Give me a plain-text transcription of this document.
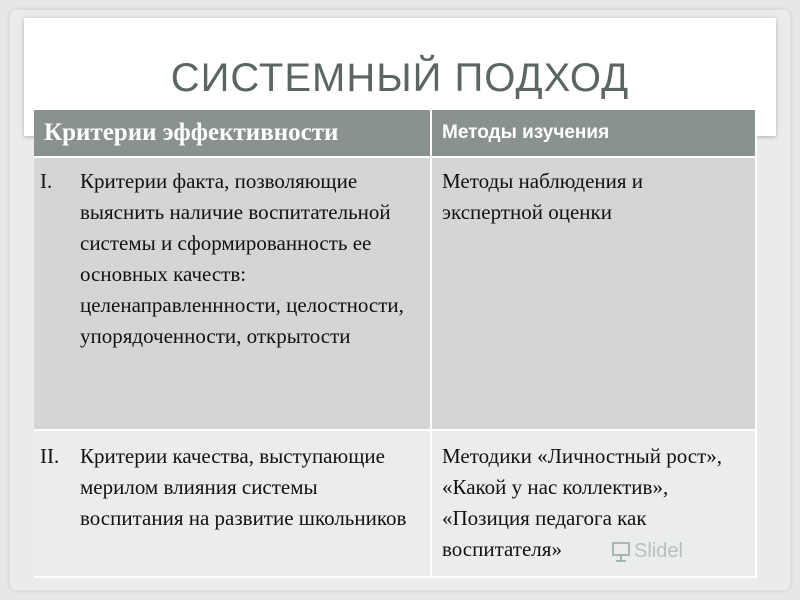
СИСТЕМНЫЙ ПОДХОД
Критерии эффективности	Методы изучения

I. Критерии факта, позволяющие выяснить наличие воспитательной системы и сформированность ее основных качеств: целенаправленнности, целостности, упорядоченности, открытости	Методы наблюдения и экспертной оценки

II. Критерии качества, выступающие мерилом влияния системы воспитания на развитие школьников	Методики «Личностный рост», «Какой у нас коллектив», «Позиция педагога как воспитателя»	Slidel
